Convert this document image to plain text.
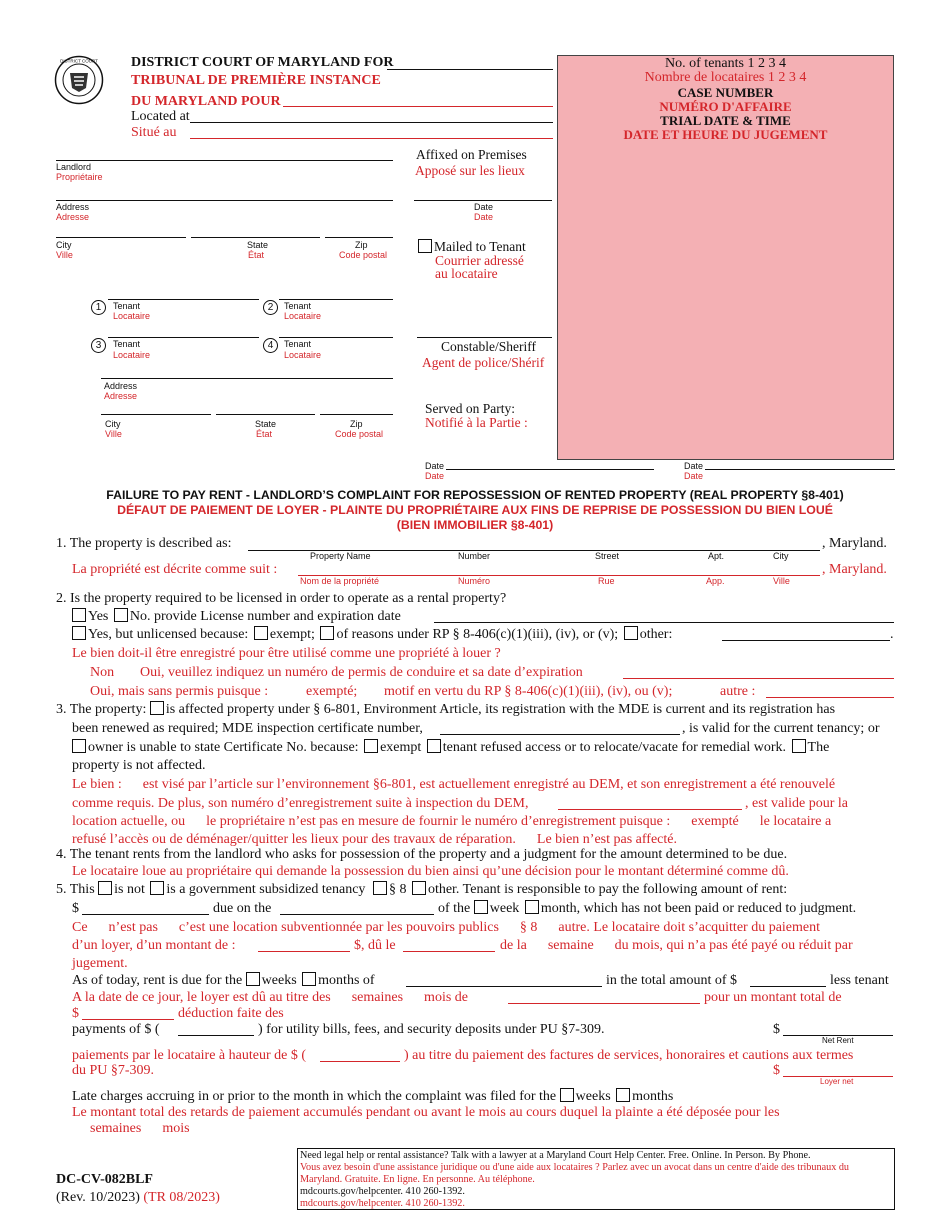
DISTRICT COURT DISTRICT COURT OF MARYLAND FOR
TRIBUNAL DE PREMIÈRE INSTANCE
DU MARYLAND POUR
Located at
Situé au
No. of tenants 1 2 3 4
Nombre de locataires 1 2 3 4
CASE NUMBER
NUMÉRO D'AFFAIRE
TRIAL DATE & TIME
DATE ET HEURE DU JUGEMENT
Landlord
Propriétaire
Address
Adresse
City
Ville
State
État
Zip
Code postal
1	Tenant
Locataire
2	Tenant
Locataire
3	Tenant
Locataire
4	Tenant
Locataire
Address
Adresse
City
Ville
State
État
Zip
Code postal
Affixed on Premises
Apposé sur les lieux
Date
Date
Mailed to Tenant
Courrier adressé
au locataire
Constable/Sheriff
Agent de police/Shérif
Served on Party:
Notifié à la Partie :
Date
Date
Date
Date
FAILURE TO PAY RENT - LANDLORD’S COMPLAINT FOR REPOSSESSION OF RENTED PROPERTY (REAL PROPERTY §8-401)
DÉFAUT DE PAIEMENT DE LOYER - PLAINTE DU PROPRIÉTAIRE AUX FINS DE REPRISE DE POSSESSION DU BIEN LOUÉ
(BIEN IMMOBILIER §8-401)
1. The property is described as:	, Maryland.
Property Name	Number	Street	Apt.	City
La propriété est décrite comme suit :	, Maryland.
Nom de la propriété	Numéro	Rue	App.	Ville
2. Is the property required to be licensed in order to operate as a rental property?
Yes No. provide License number and expiration date
Yes, but unlicensed because: exempt; of reasons under RP § 8-406(c)(1)(iii), (iv), or (v); other:	.
Le bien doit-il être enregistré pour être utilisé comme une propriété à louer ?
Non Oui, veuillez indiquez un numéro de permis de conduire et sa date d’expiration
Oui, mais sans permis puisque :	exempté; motif en vertu du RP § 8-406(c)(1)(iii), (iv), ou (v);	autre :
3. The property: is affected property under § 6-801, Environment Article, its registration with the MDE is current and its registration has
been renewed as required; MDE inspection certificate number,	, is valid for the current tenancy; or
owner is unable to state Certificate No. because: exempt tenant refused access or to relocate/vacate for remedial work. The
property is not affected.
Le bien :      est visé par l’article sur l’environnement §6-801, est actuellement enregistré au DEM, et son enregistrement a été renouvelé
comme requis. De plus, son numéro d’enregistrement suite à inspection du DEM,	, est valide pour la
location actuelle, ou      le propriétaire n’est pas en mesure de fournir le numéro d’enregistrement puisque :      exempté      le locataire a
refusé l’accès ou de déménager/quitter les lieux pour des travaux de réparation.      Le bien n’est pas affecté.
4. The tenant rents from the landlord who asks for possession of the property and a judgment for the amount determined to be due.
Le locataire loue au propriétaire qui demande la possession du bien ainsi qu’une décision pour le montant déterminé comme dû.
5. This is not is a government subsidized tenancy § 8 other. Tenant is responsible to pay the following amount of rent:
$	due on the	of the week month, which has not been paid or reduced to judgment.
Ce      n’est pas      c’est une location subventionnée par les pouvoirs publics      § 8      autre. Le locataire doit s’acquitter du paiement
d’un loyer, d’un montant de :	$, dû le	de la      semaine      du mois, qui n’a pas été payé ou réduit par
jugement.
As of today, rent is due for the weeks months of	in the total amount of $	less tenant
A la date de ce jour, le loyer est dû au titre des      semaines      mois de	pour un montant total de
$	déduction faite des
payments of $ (	) for utility bills, fees, and security deposits under PU §7-309.	$
Net Rent
paiements par le locataire à hauteur de $ (	) au titre du paiement des factures de services, honoraires et cautions aux termes
du PU §7-309.	$
Loyer net
Late charges accruing in or prior to the month in which the complaint was filed for the weeks months
Le montant total des retards de paiement accumulés pendant ou avant le mois au cours duquel la plainte a été déposée pour les
semaines      mois
DC-CV-082BLF
(Rev. 10/2023) (TR 08/2023)
Need legal help or rental assistance? Talk with a lawyer at a Maryland Court Help Center. Free. Online. In Person. By Phone.
Vous avez besoin d'une assistance juridique ou d'une aide aux locataires ? Parlez avec un avocat dans un centre d'aide des tribunaux du Maryland. Gratuite. En ligne. En personne. Au téléphone.
mdcourts.gov/helpcenter. 410 260-1392.
mdcourts.gov/helpcenter. 410 260-1392.
